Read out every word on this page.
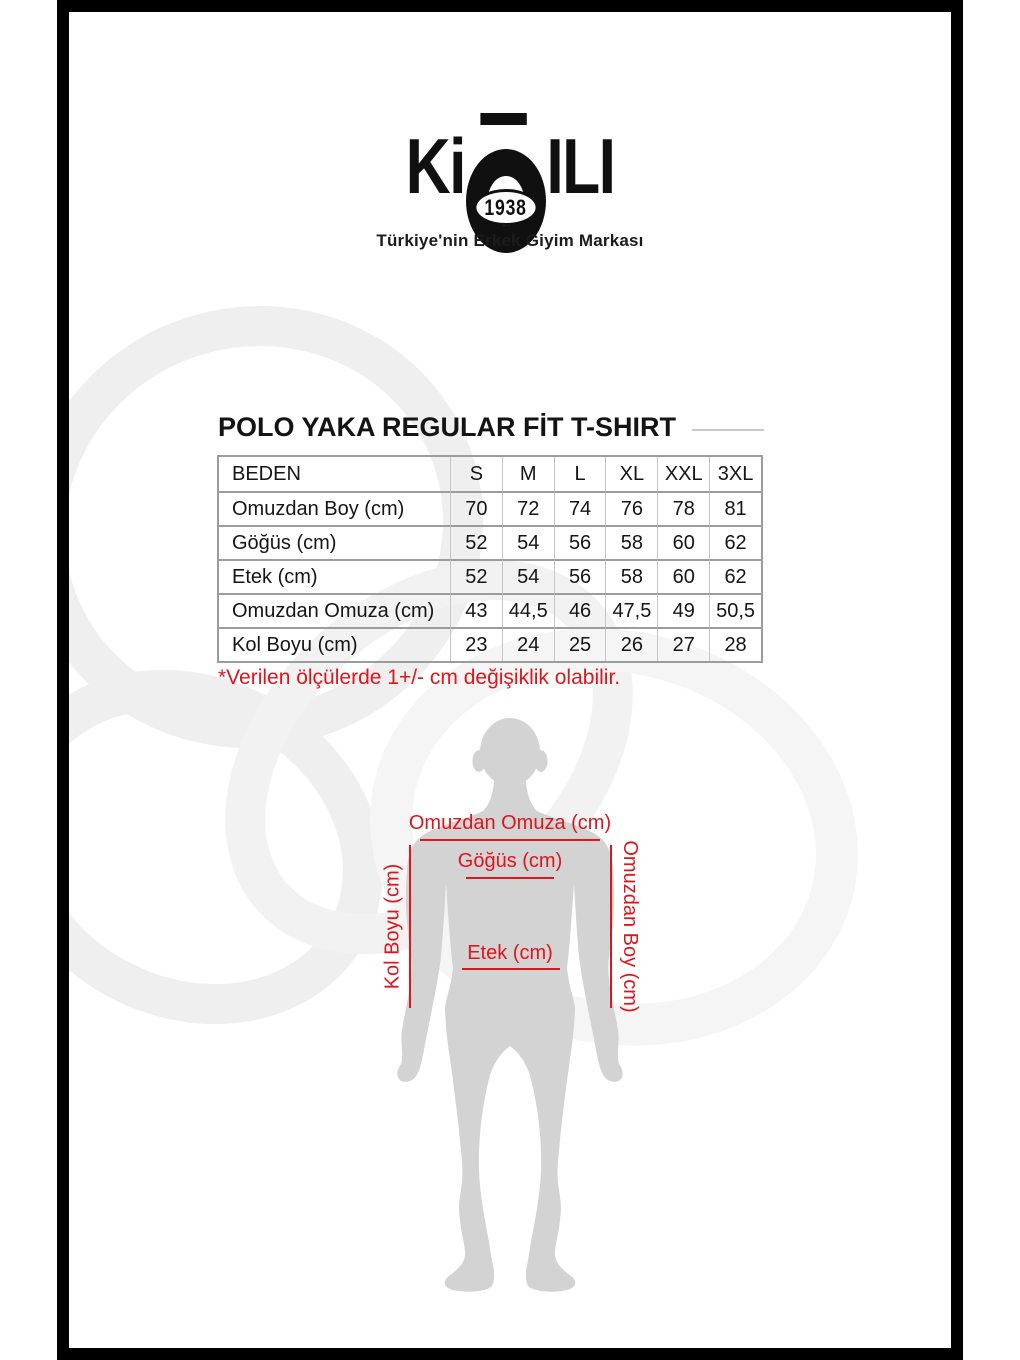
Ki 1938 ILI
Türkiye'nin Erkek Giyim Markası
POLO YAKA REGULAR FİT T-SHIRT
BEDEN	S	M	L	XL	XXL 3XL
Omuzdan Boy (cm)	70	72	74	76	78	81
Göğüs (cm)	52	54	56	58	60	62
Etek (cm)	52	54	56	58	60	62
Omuzdan Omuza (cm)	43	44,5	46	47,5	49	50,5
Kol Boyu (cm)	23	24	25	26	27	28
*Verilen ölçülerde 1+/- cm değişiklik olabilir.
Omuzdan Omuza (cm)
Göğüs (cm)
Etek (cm)
Kol Boyu (cm)	Omuzdan Boy (cm)
